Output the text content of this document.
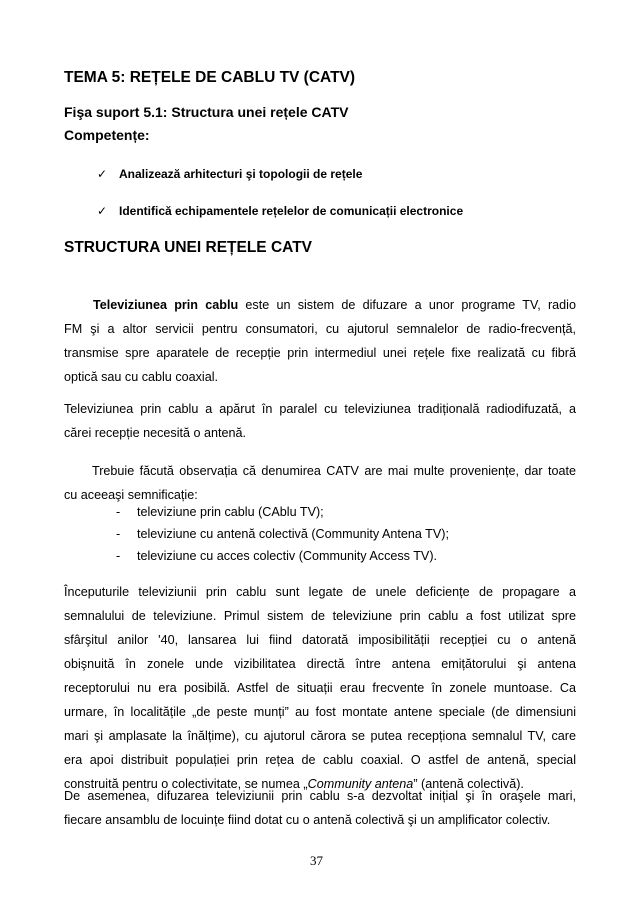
TEMA 5: REȚELE DE CABLU TV (CATV)
Fişa suport 5.1: Structura unei rețele CATV
Competențe:
✓ Analizează arhitecturi şi topologii de rețele
✓ Identifică echipamentele rețelelor de comunicații electronice
STRUCTURA UNEI REȚELE CATV
Televiziunea prin cablu este un sistem de difuzare a unor programe TV, radio
FM şi a altor servicii pentru consumatori, cu ajutorul semnalelor de radio-frecvență,
transmise spre aparatele de recepție prin intermediul unei rețele fixe realizată cu fibră
optică sau cu cablu coaxial.
Televiziunea prin cablu a apărut în paralel cu televiziunea tradițională radiodifuzată, a
cărei recepție necesită o antenă.
Trebuie făcută observația că denumirea CATV are mai multe proveniențe, dar toate
cu aceeaşi semnificație:
- televiziune prin cablu (CAblu TV);
- televiziune cu antenă colectivă (Community Antena TV);
- televiziune cu acces colectiv (Community Access TV).
Începuturile televiziunii prin cablu sunt legate de unele deficiențe de propagare a
semnalului de televiziune. Primul sistem de televiziune prin cablu a fost utilizat spre
sfârşitul anilor '40, lansarea lui fiind datorată imposibilității recepției cu o antenă
obişnuită în zonele unde vizibilitatea directă între antena emițătorului şi antena
receptorului nu era posibilă. Astfel de situații erau frecvente în zonele muntoase. Ca
urmare, în localitățile „de peste munți” au fost montate antene speciale (de dimensiuni
mari şi amplasate la înălțime), cu ajutorul cărora se putea recepționa semnalul TV, care
era apoi distribuit populației prin rețea de cablu coaxial. O astfel de antenă, special
construită pentru o colectivitate, se numea „Community antena” (antenă colectivă).
De asemenea, difuzarea televiziunii prin cablu s-a dezvoltat inițial şi în oraşele mari,
fiecare ansamblu de locuințe fiind dotat cu o antenă colectivă şi un amplificator colectiv.
37
